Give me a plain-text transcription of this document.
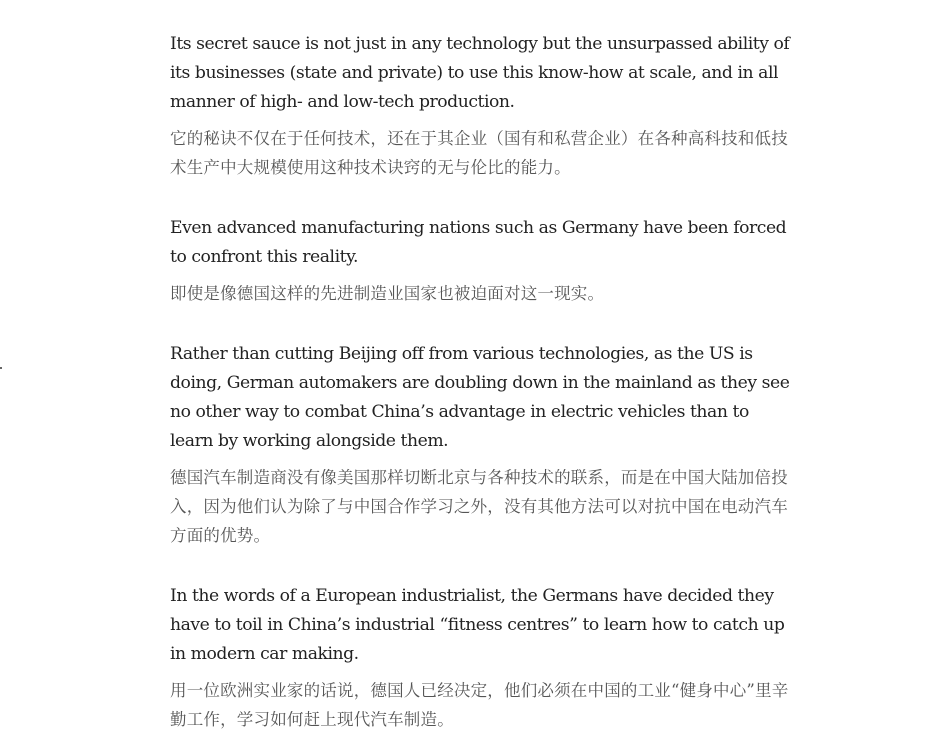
Its secret sauce is not just in any technology but the unsurpassed ability of its businesses (state and private) to use this know-how at scale, and in all manner of high- and low-tech production.

它的秘诀不仅在于任何技术，还在于其企业（国有和私营企业）在各种高科技和低技术生产中大规模使用这种技术诀窍的无与伦比的能力。

Even advanced manufacturing nations such as Germany have been forced to confront this reality.

即使是像德国这样的先进制造业国家也被迫面对这一现实。

Rather than cutting Beijing off from various technologies, as the US is doing, German automakers are doubling down in the mainland as they see no other way to combat China’s advantage in electric vehicles than to learn by working alongside them.

德国汽车制造商没有像美国那样切断北京与各种技术的联系，而是在中国大陆加倍投入，因为他们认为除了与中国合作学习之外，没有其他方法可以对抗中国在电动汽车方面的优势。

In the words of a European industrialist, the Germans have decided they have to toil in China’s industrial “fitness centres” to learn how to catch up in modern car making.

用一位欧洲实业家的话说，德国人已经决定，他们必须在中国的工业“健身中心”里辛勤工作，学习如何赶上现代汽车制造。
